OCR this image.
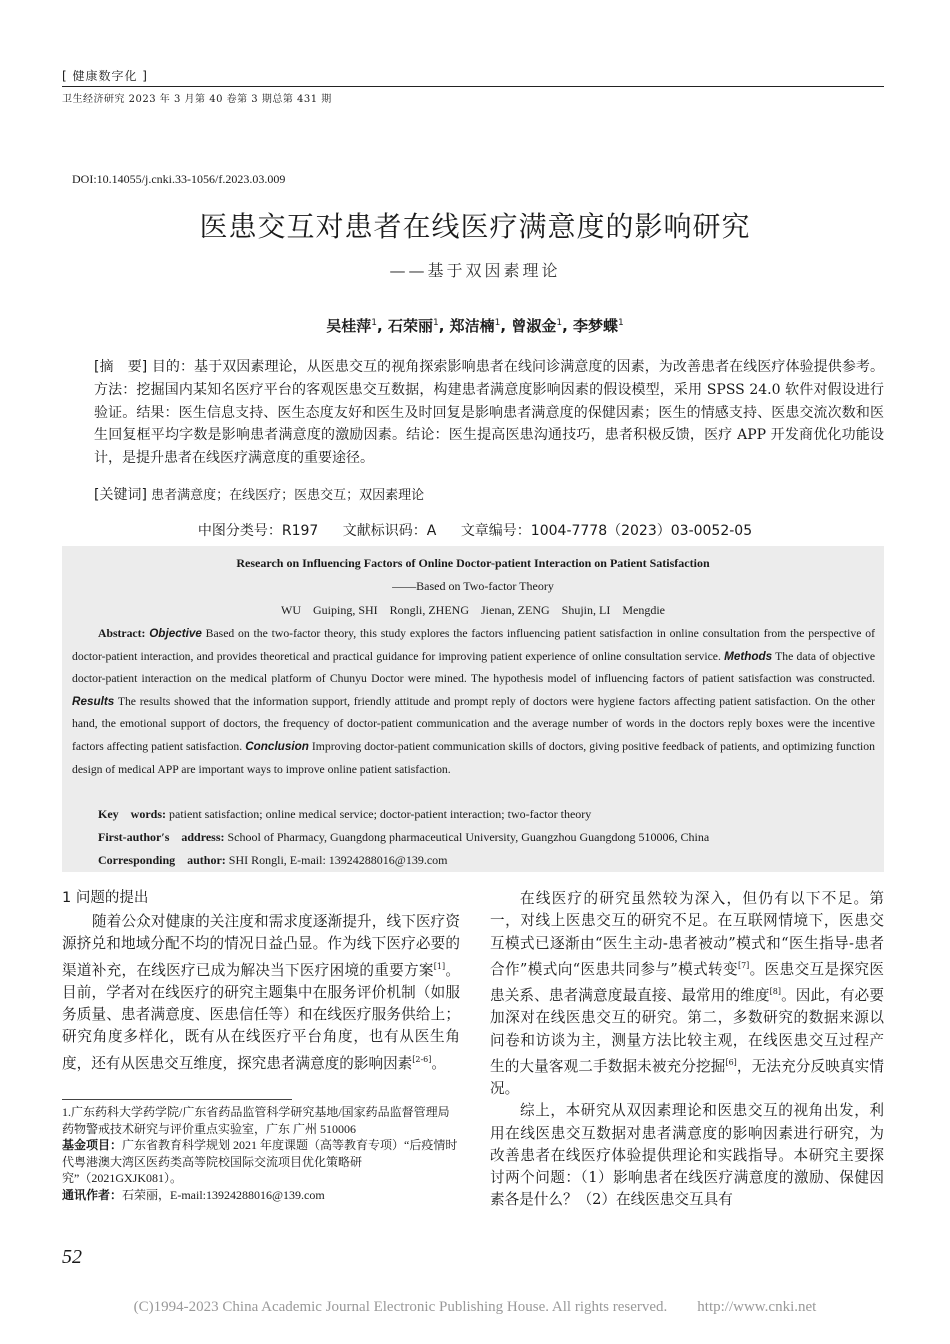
[ 健康数字化 ]
卫生经济研究 2023 年 3 月第 40 卷第 3 期总第 431 期
DOI:10.14055/j.cnki.33-1056/f.2023.03.009
医患交互对患者在线医疗满意度的影响研究
——基于双因素理论
吴桂萍$^1$, 石荣丽$^1$, 郑洁楠$^1$, 曾淑金$^1$, 李梦蝶$^1$
[摘　要] 目的：基于双因素理论，从医患交互的视角探索影响患者在线问诊满意度的因素，为改善患者在线医疗体验提供参考。方法：挖掘国内某知名医疗平台的客观医患交互数据，构建患者满意度影响因素的假设模型，采用 SPSS 24.0 软件对假设进行验证。结果：医生信息支持、医生态度友好和医生及时回复是影响患者满意度的保健因素；医生的情感支持、医患交流次数和医生回复框平均字数是影响患者满意度的激励因素。结论：医生提高医患沟通技巧，患者积极反馈，医疗 APP 开发商优化功能设计，是提升患者在线医疗满意度的重要途径。
[关键词] 患者满意度；在线医疗；医患交互；双因素理论
中图分类号：R197 文献标识码：A 文章编号：1004-7778（2023）03-0052-05
Research on Influencing Factors of Online Doctor-patient Interaction on Patient Satisfaction
——Based on Two-factor Theory
WU　Guiping, SHI　Rongli, ZHENG　Jienan, ZENG　Shujin, LI　Mengdie
Abstract: Objective Based on the two-factor theory, this study explores the factors influencing patient satisfaction in online consultation from the perspective of doctor-patient interaction, and provides theoretical and practical guidance for improving patient experience of online consultation service. Methods The data of objective doctor-patient interaction on the medical platform of Chunyu Doctor were mined. The hypothesis model of influencing factors of patient satisfaction was constructed. Results The results showed that the information support, friendly attitude and prompt reply of doctors were hygiene factors affecting patient satisfaction. On the other hand, the emotional support of doctors, the frequency of doctor-patient communication and the average number of words in the doctors reply boxes were the incentive factors affecting patient satisfaction. Conclusion Improving doctor-patient communication skills of doctors, giving positive feedback of patients, and optimizing function design of medical APP are important ways to improve online patient satisfaction.
Key　words: patient satisfaction; online medical service; doctor-patient interaction; two-factor theory
First-author′s　address: School of Pharmacy, Guangdong pharmaceutical University, Guangzhou Guangdong 510006, China
Corresponding　author: SHI Rongli, E-mail: 13924288016@139.com
1 问题的提出
随着公众对健康的关注度和需求度逐渐提升，线下医疗资源挤兑和地域分配不均的情况日益凸显。作为线下医疗必要的渠道补充，在线医疗已成为解决当下医疗困境的重要方案[1]。目前，学者对在线医疗的研究主题集中在服务评价机制（如服务质量、患者满意度、医患信任等）和在线医疗服务供给上；研究角度多样化，既有从在线医疗平台角度，也有从医生角度，还有从医患交互维度，探究患者满意度的影响因素[2-6]。
在线医疗的研究虽然较为深入，但仍有以下不足。第一，对线上医患交互的研究不足。在互联网情境下，医患交互模式已逐渐由“医生主动-患者被动”模式和“医生指导-患者合作”模式向“医患共同参与”模式转变[7]。医患交互是探究医患关系、患者满意度最直接、最常用的维度[8]。因此，有必要加深对在线医患交互的研究。第二，多数研究的数据来源以问卷和访谈为主，测量方法比较主观，在线医患交互过程产生的大量客观二手数据未被充分挖掘[6]，无法充分反映真实情况。
综上，本研究从双因素理论和医患交互的视角出发，利用在线医患交互数据对患者满意度的影响因素进行研究，为改善患者在线医疗体验提供理论和实践指导。本研究主要探讨两个问题：（1）影响患者在线医疗满意度的激励、保健因素各是什么？（2）在线医患交互具有
1.广东药科大学药学院/广东省药品监管科学研究基地/国家药品监督管理局药物警戒技术研究与评价重点实验室，广东 广州 510006
基金项目：广东省教育科学规划 2021 年度课题（高等教育专项）“后疫情时代粤港澳大湾区医药类高等院校国际交流项目优化策略研究”（2021GXJK081）。
通讯作者：石荣丽，E-mail:13924288016@139.com
52
(C)1994-2023 China Academic Journal Electronic Publishing House. All rights reserved.　　http://www.cnki.net
